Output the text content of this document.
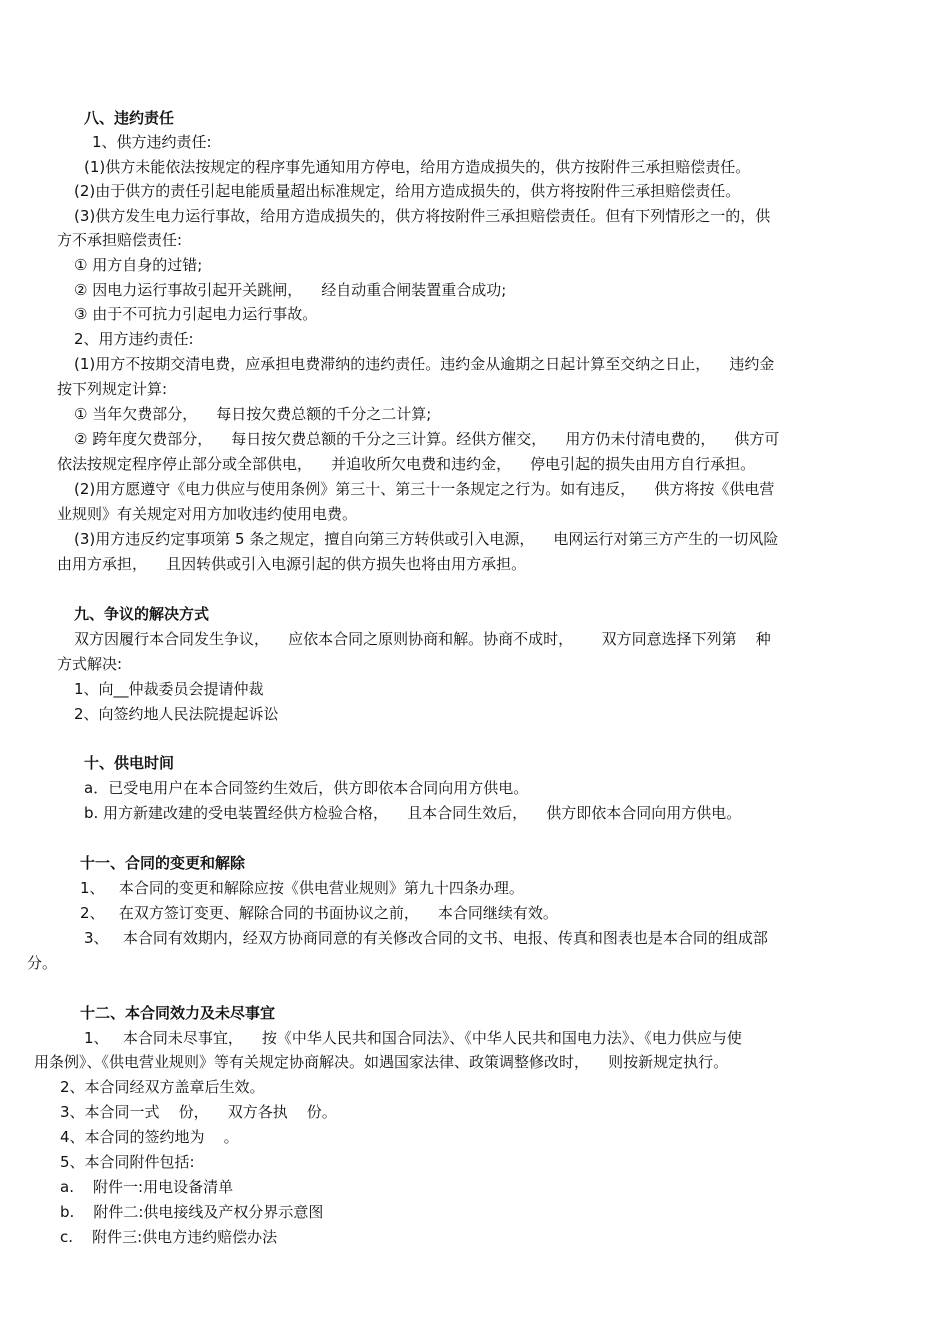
八、违约责任
1、供方违约责任:
(1)供方未能依法按规定的程序事先通知用方停电，给用方造成损失的，供方按附件三承担赔偿责任。
(2)由于供方的责任引起电能质量超出标准规定，给用方造成损失的，供方将按附件三承担赔偿责任。
(3)供方发生电力运行事故，给用方造成损失的，供方将按附件三承担赔偿责任。但有下列情形之一的，供
方不承担赔偿责任:
① 用方自身的过错;
② 因电力运行事故引起开关跳闸，    经自动重合闸装置重合成功;
③ 由于不可抗力引起电力运行事故。
2、用方违约责任:
(1)用方不按期交清电费，应承担电费滞纳的违约责任。违约金从逾期之日起计算至交纳之日止，    违约金
按下列规定计算:
① 当年欠费部分，    每日按欠费总额的千分之二计算;
② 跨年度欠费部分，    每日按欠费总额的千分之三计算。经供方催交，    用方仍未付清电费的，    供方可
依法按规定程序停止部分或全部供电，    并追收所欠电费和违约金，    停电引起的损失由用方自行承担。
(2)用方愿遵守《电力供应与使用条例》第三十、第三十一条规定之行为。如有违反，    供方将按《供电营
业规则》有关规定对用方加收违约使用电费。
(3)用方违反约定事项第 5 条之规定，擅自向第三方转供或引入电源，    电网运行对第三方产生的一切风险
由用方承担，    且因转供或引入电源引起的供方损失也将由用方承担。
九、争议的解决方式
双方因履行本合同发生争议，    应依本合同之原则协商和解。协商不成时，      双方同意选择下列第    种
方式解决:
1、向__仲裁委员会提请仲裁
2、向签约地人民法院提起诉讼
十、供电时间
a．已受电用户在本合同签约生效后，供方即依本合同向用方供电。
b. 用方新建改建的受电装置经供方检验合格，    且本合同生效后，    供方即依本合同向用方供电。
十一、合同的变更和解除
1、   本合同的变更和解除应按《供电营业规则》第九十四条办理。
2、   在双方签订变更、解除合同的书面协议之前，    本合同继续有效。
3、   本合同有效期内，经双方协商同意的有关修改合同的文书、电报、传真和图表也是本合同的组成部
分。
十二、本合同效力及未尽事宜
1、   本合同未尽事宜，    按《中华人民共和国合同法》、《中华人民共和国电力法》、《电力供应与使
用条例》、《供电营业规则》等有关规定协商解决。如遇国家法律、政策调整修改时，    则按新规定执行。
2、本合同经双方盖章后生效。
3、本合同一式    份，    双方各执    份。
4、本合同的签约地为    。
5、本合同附件包括:
a.    附件一:用电设备清单
b.    附件二:供电接线及产权分界示意图
c.    附件三:供电方违约赔偿办法
